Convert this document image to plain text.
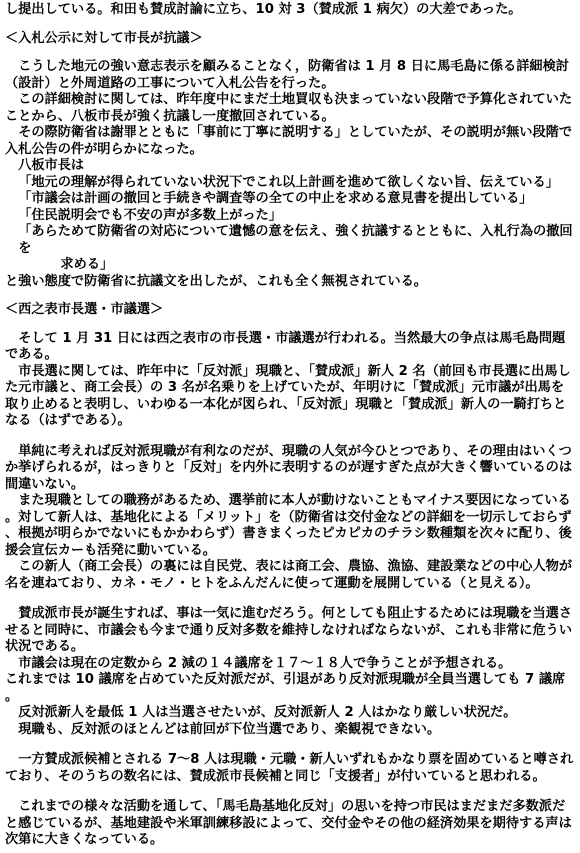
し提出している。和田も賛成討論に立ち、10 対 3（賛成派 1 病欠）の大差であった。

＜入札公示に対して市長が抗議＞

こうした地元の強い意志表示を顧みることなく，防衛省は 1 月 8 日に馬毛島に係る詳細検討（設計）と外周道路の工事について入札公告を行った。

この詳細検討に関しては、昨年度中にまだ土地買収も決まっていない段階で予算化されていたことから、八板市長が強く抗議し一度撤回されている。

その際防衛省は謝罪とともに「事前に丁寧に説明する」としていたが、その説明が無い段階で入札公告の件が明らかになった。

八板市長は

「地元の理解が得られていない状況下でこれ以上計画を進めて欲しくない旨、伝えている」

「市議会は計画の撤回と手続きや調査等の全ての中止を求める意見書を提出している」

「住民説明会でも不安の声が多数上がった」

「あらためて防衛省の対応について遺憾の意を伝え、強く抗議するとともに、入札行為の撤回を
求める」

と強い態度で防衛省に抗議文を出したが、これも全く無視されている。

＜西之表市長選・市議選＞

そして 1 月 31 日には西之表市の市長選・市議選が行われる。当然最大の争点は馬毛島問題である。

市長選に関しては、昨年中に「反対派」現職と、「賛成派」新人 2 名（前回も市長選に出馬した元市議と、商工会長）の 3 名が名乗りを上げていたが、年明けに「賛成派」元市議が出馬を取り止めると表明し、いわゆる一本化が図られ、「反対派」現職と「賛成派」新人の一騎打ちとなる（はずである）。

単純に考えれば反対派現職が有利なのだが、現職の人気が今ひとつであり、その理由はいくつか挙げられるが，はっきりと「反対」を内外に表明するのが遅すぎた点が大きく響いているのは間違いない。

また現職としての職務があるため、選挙前に本人が動けないこともマイナス要因になっている。対して新人は、基地化による「メリット」を（防衛省は交付金などの詳細を一切示しておらず、根拠が明らかでないにもかかわらず）書きまくったピカピカのチラシ数種類を次々に配り、後援会宣伝カーも活発に動いている。

この新人（商工会長）の裏には自民党、表には商工会、農協、漁協、建設業などの中心人物が名を連ねており、カネ・モノ・ヒトをふんだんに使って運動を展開している（と見える）。

賛成派市長が誕生すれば、事は一気に進むだろう。何としても阻止するためには現職を当選させると同時に、市議会も今まで通り反対多数を維持しなければならないが、これも非常に危うい状況である。

市議会は現在の定数から 2 減の１４議席を１７～１８人で争うことが予想される。

これまでは 10 議席を占めていた反対派だが、引退があり反対派現職が全員当選しても 7 議席。

反対派新人を最低 1 人は当選させたいが、反対派新人 2 人はかなり厳しい状況だ。

現職も、反対派のほとんどは前回が下位当選であり、楽観視できない。

一方賛成派候補とされる 7～8 人は現職・元職・新人いずれもかなり票を固めていると噂されており、そのうちの数名には、賛成派市長候補と同じ「支援者」が付いていると思われる。

これまでの様々な活動を通して、「馬毛島基地化反対」の思いを持つ市民はまだまだ多数派だと感じているが、基地建設や米軍訓練移設によって、交付金やその他の経済効果を期待する声は次第に大きくなっている。
